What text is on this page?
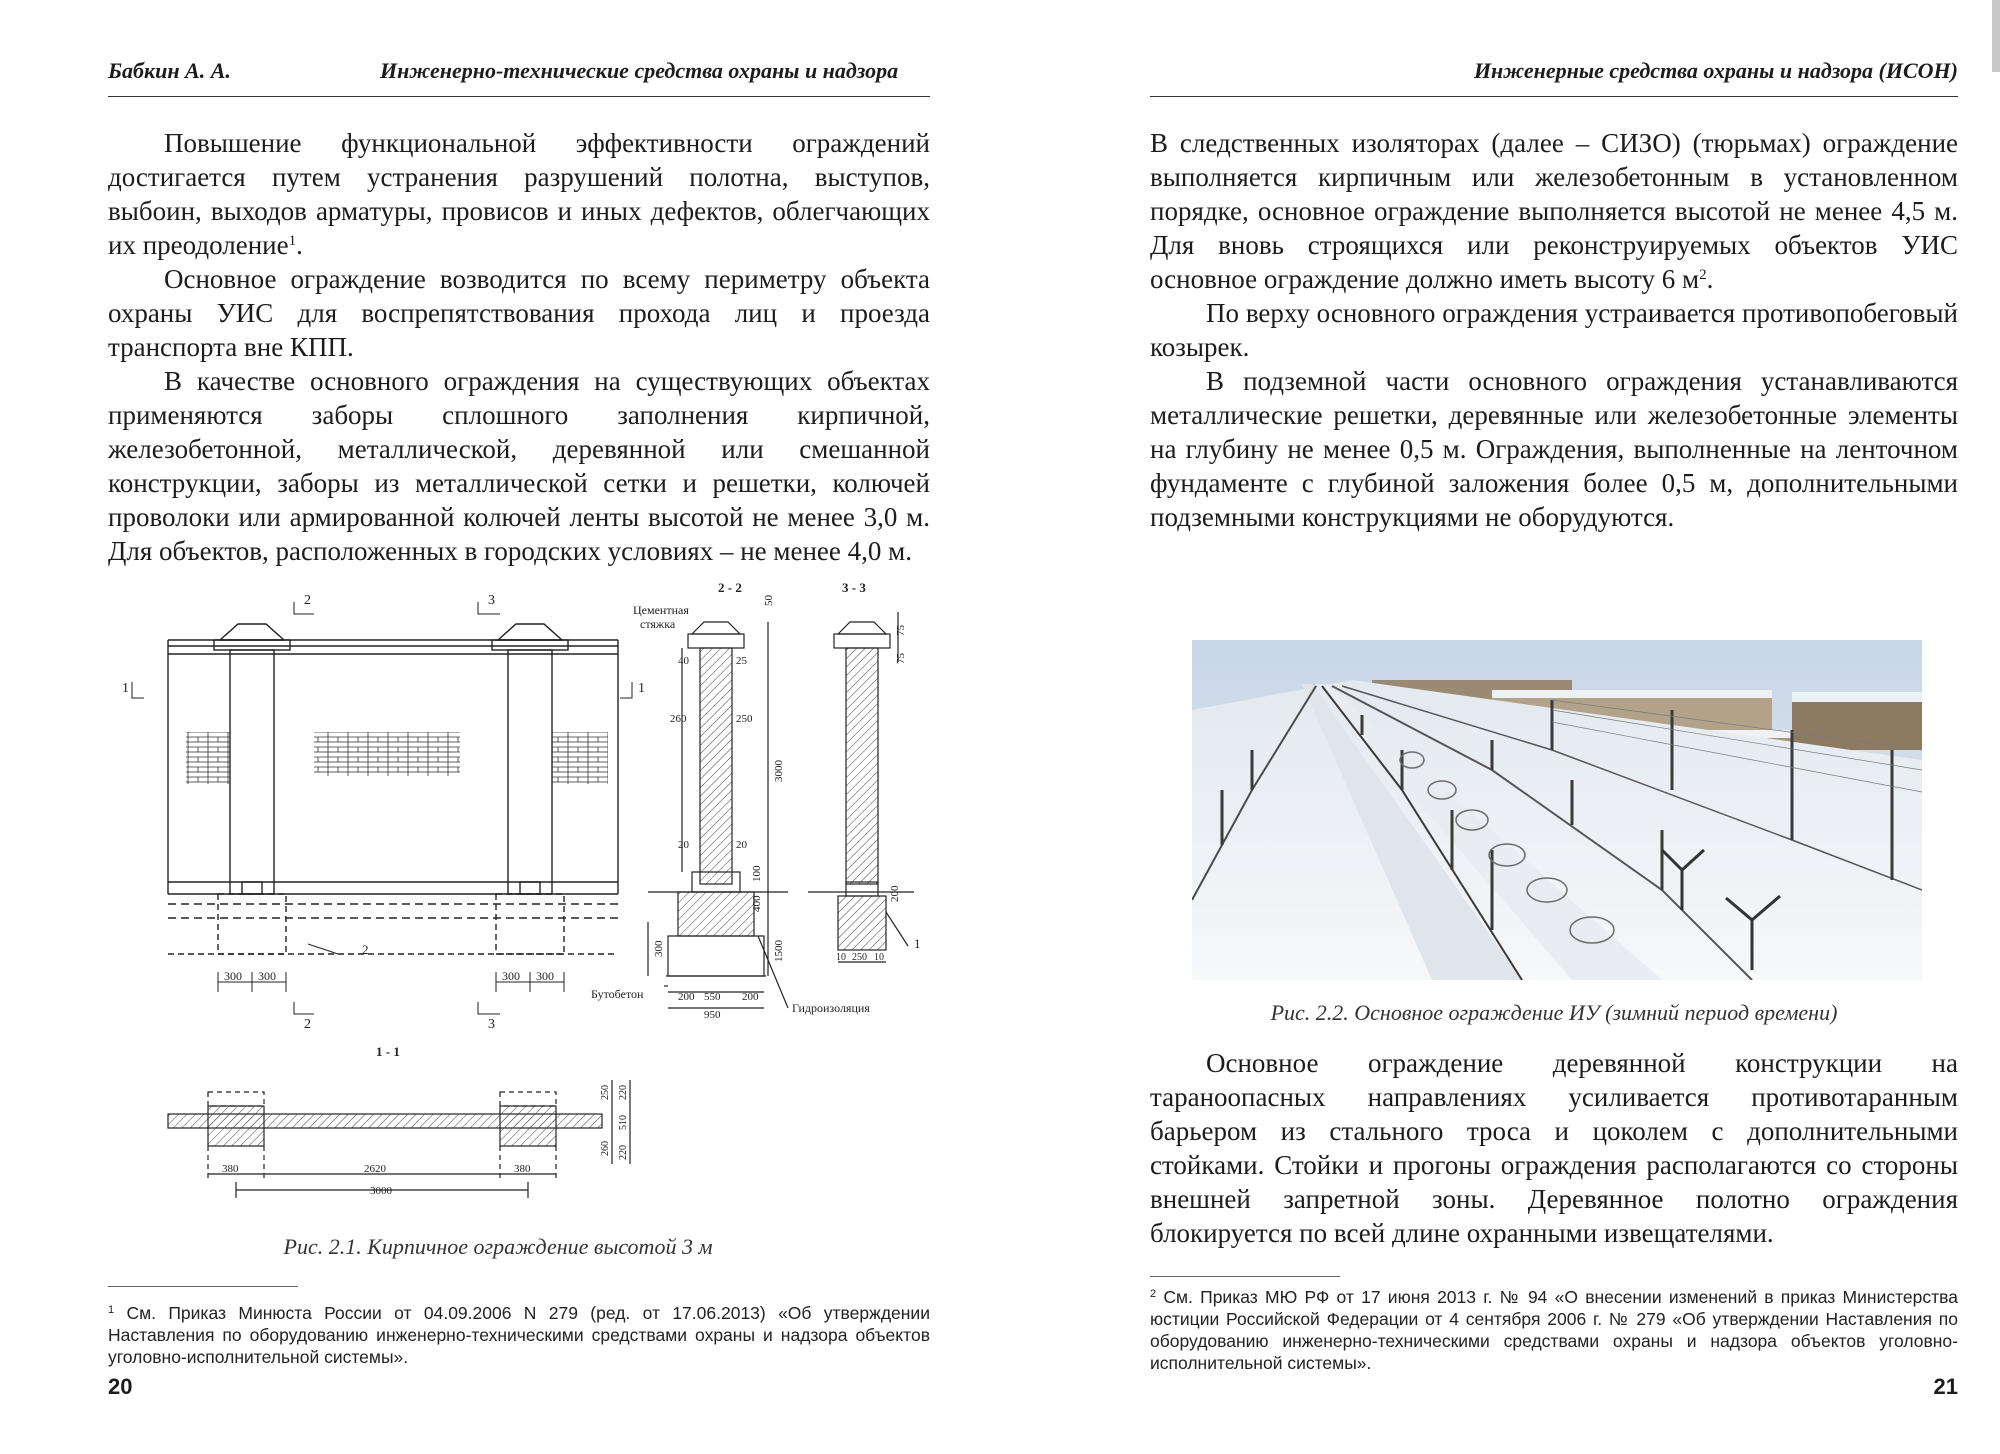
Бабкин А. А.	Инженерно-технические средства охраны и надзора

Повышение функциональной эффективности ограждений достигается путем устранения разрушений полотна, выступов, выбоин, выходов арматуры, провисов и иных дефектов, облегчающих их преодоление$^1$.

Основное ограждение возводится по всему периметру объекта охраны УИС для воспрепятствования прохода лиц и проезда транспорта вне КПП.

В качестве основного ограждения на существующих объектах применяются заборы сплошного заполнения кирпичной, железобетонной, металлической, деревянной или смешанной конструкции, заборы из металлической сетки и решетки, колючей проволоки или армированной колючей ленты высотой не менее 3,0 м. Для объектов, расположенных в городских условиях – не менее 4,0 м.

300 300	300 300
2	3
2	3
1	1
2
2 - 2
Цементная
стяжка
50
40	25
260	250
3000
20	20
100
400
1500
300
Бутобетон	200 550 200
950	Гидроизоляция
3 - 3
75
75
200
10 250 10
1
1 - 1
380	2620	380
3000
250
260
220
510
220
Рис. 2.1. Кирпичное ограждение высотой 3 м

$^1$ См. Приказ Минюста России от 04.09.2006 N 279 (ред. от 17.06.2013) «Об утверждении Наставления по оборудованию инженерно-техническими средствами охраны и надзора объектов уголовно-исполнительной системы».

20
Инженерные средства охраны и надзора (ИСОН)

В следственных изоляторах (далее – СИЗО) (тюрьмах) ограждение выполняется кирпичным или железобетонным в установленном порядке, основное ограждение выполняется высотой не менее 4,5 м. Для вновь строящихся или реконструируемых объектов УИС основное ограждение должно иметь высоту 6 $м^2$.

По верху основного ограждения устраивается противопобеговый козырек.

В подземной части основного ограждения устанавливаются металлические решетки, деревянные или железобетонные элементы на глубину не менее 0,5 м. Ограждения, выполненные на ленточном фундаменте с глубиной заложения более 0,5 м, дополнительными подземными конструкциями не оборудуются.

Рис. 2.2. Основное ограждение ИУ (зимний период времени)

Основное ограждение деревянной конструкции на тараноопасных направлениях усиливается противотаранным барьером из стального троса и цоколем с дополнительными стойками. Стойки и прогоны ограждения располагаются со стороны внешней запретной зоны. Деревянное полотно ограждения блокируется по всей длине охранными извещателями.

$^2$ См. Приказ МЮ РФ от 17 июня 2013 г. № 94 «О внесении изменений в приказ Министерства юстиции Российской Федерации от 4 сентября 2006 г. № 279 «Об утверждении Наставления по оборудованию инженерно-техническими средствами охраны и надзора объектов уголовно-исполнительной системы».

21
